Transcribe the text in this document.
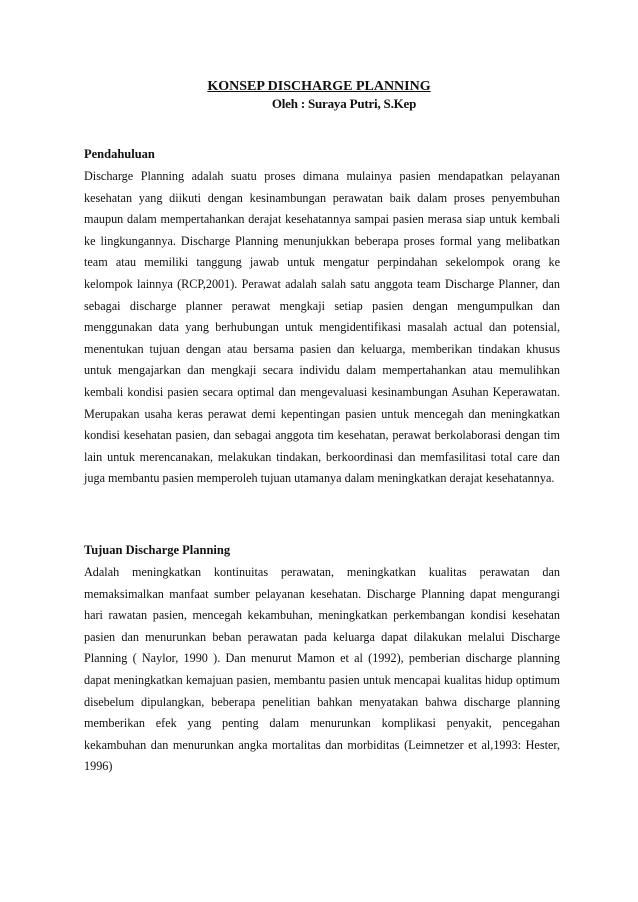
KONSEP DISCHARGE PLANNING
Oleh : Suraya Putri, S.Kep

Pendahuluan

Discharge Planning adalah suatu proses dimana mulainya pasien mendapatkan pelayanan kesehatan yang diikuti dengan kesinambungan perawatan baik dalam proses penyembuhan maupun dalam mempertahankan derajat kesehatannya sampai pasien merasa siap untuk kembali ke lingkungannya. Discharge Planning menunjukkan beberapa proses formal yang melibatkan team atau memiliki tanggung jawab untuk mengatur perpindahan sekelompok orang ke kelompok lainnya (RCP,2001). Perawat adalah salah satu anggota team Discharge Planner, dan sebagai discharge planner perawat mengkaji setiap pasien dengan mengumpulkan dan menggunakan data yang berhubungan untuk mengidentifikasi masalah actual dan potensial, menentukan tujuan dengan atau bersama pasien dan keluarga, memberikan tindakan khusus untuk mengajarkan dan mengkaji secara individu dalam mempertahankan atau memulihkan kembali kondisi pasien secara optimal dan mengevaluasi kesinambungan Asuhan Keperawatan. Merupakan usaha keras perawat demi kepentingan pasien untuk mencegah dan meningkatkan kondisi kesehatan pasien, dan sebagai anggota tim kesehatan, perawat berkolaborasi dengan tim lain untuk merencanakan, melakukan tindakan, berkoordinasi dan memfasilitasi total care dan juga membantu pasien memperoleh tujuan utamanya dalam meningkatkan derajat kesehatannya.

Tujuan Discharge Planning

Adalah meningkatkan kontinuitas perawatan, meningkatkan kualitas perawatan dan memaksimalkan manfaat sumber pelayanan kesehatan. Discharge Planning dapat mengurangi hari rawatan pasien, mencegah kekambuhan, meningkatkan perkembangan kondisi kesehatan pasien dan menurunkan beban perawatan pada keluarga dapat dilakukan melalui Discharge Planning ( Naylor, 1990 ). Dan menurut Mamon et al (1992), pemberian discharge planning dapat meningkatkan kemajuan pasien, membantu pasien untuk mencapai kualitas hidup optimum disebelum dipulangkan, beberapa penelitian bahkan menyatakan bahwa discharge planning memberikan efek yang penting dalam menurunkan komplikasi penyakit, pencegahan kekambuhan dan menurunkan angka mortalitas dan morbiditas (Leimnetzer et al,1993: Hester, 1996)
